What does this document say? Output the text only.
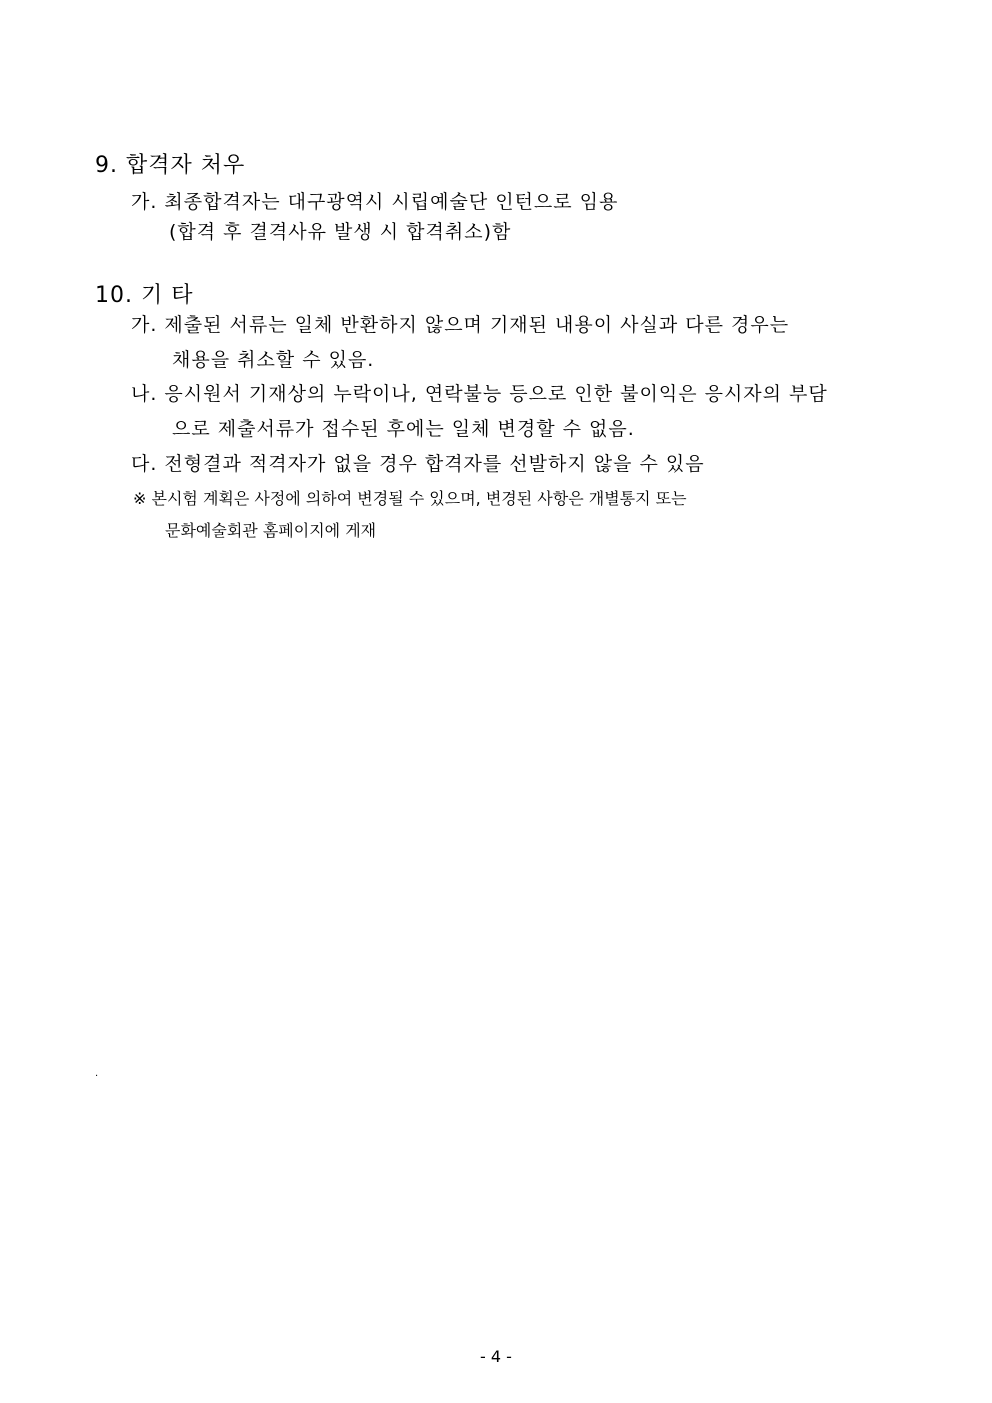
9. 합격자 처우
가. 최종합격자는 대구광역시 시립예술단 인턴으로 임용
(합격 후 결격사유 발생 시 합격취소)함
10. 기 타
가. 제출된 서류는 일체 반환하지 않으며 기재된 내용이 사실과 다른 경우는
채용을 취소할 수 있음.
나. 응시원서 기재상의 누락이나, 연락불능 등으로 인한 불이익은 응시자의 부담
으로 제출서류가 접수된 후에는 일체 변경할 수 없음.
다. 전형결과 적격자가 없을 경우 합격자를 선발하지 않을 수 있음
※ 본시험 계획은 사정에 의하여 변경될 수 있으며, 변경된 사항은 개별통지 또는
문화예술회관 홈페이지에 게재
.
- 4 -
